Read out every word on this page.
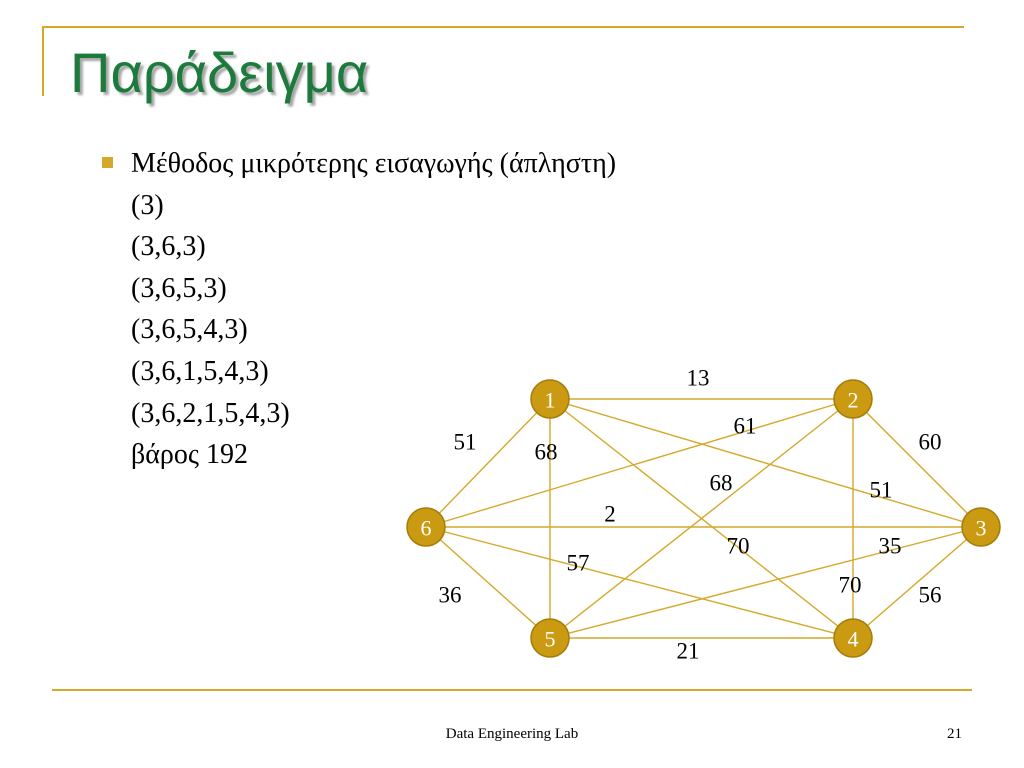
Παράδειγμα
Μέθοδος μικρότερης εισαγωγής (άπληστη)
(3)
(3,6,3)
(3,6,5,3)
(3,6,5,4,3)
(3,6,1,5,4,3)
(3,6,2,1,5,4,3)
βάρος 192
13
51	68
61
60
68	51
2
70	35
57
70
36	56
21
1	2
3
4
5
6
Data Engineering Lab	21
